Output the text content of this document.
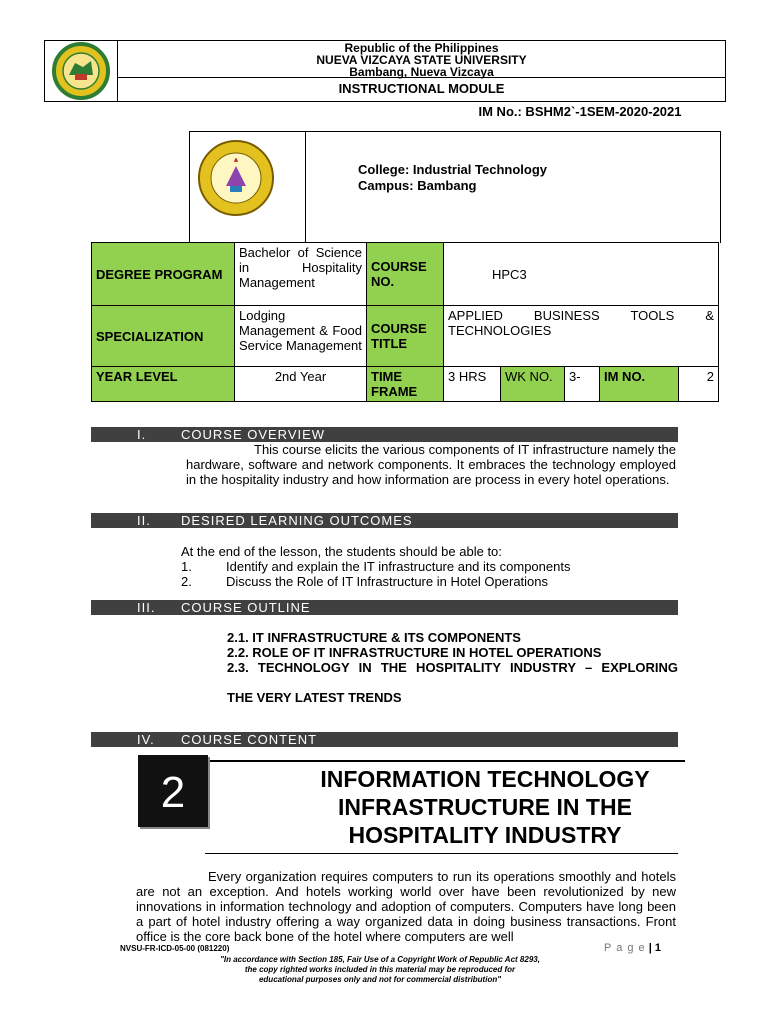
Republic of the Philippines
NUEVA VIZCAYA STATE UNIVERSITY
Bambang, Nueva Vizcaya
INSTRUCTIONAL MODULE
IM No.: BSHM2`-1SEM-2020-2021
College: Industrial Technology
Campus: Bambang
DEGREE PROGRAM	Bachelor of Science in Hospitality Management	COURSE NO.	HPC3				
SPECIALIZATION	Lodging Management & Food Service Management	COURSE TITLE	APPLIED BUSINESS TOOLS & TECHNOLOGIES				
YEAR LEVEL	2nd Year	TIME FRAME	3 HRS	WK NO.	3-	IM NO.	2
I.	COURSE OVERVIEW
This course elicits the various components of IT infrastructure namely the hardware, software and network components. It embraces the technology employed in the hospitality industry and how information are process in every hotel operations.
II. DESIRED LEARNING OUTCOMES
At the end of the lesson, the students should be able to:
1.	Identify and explain the IT infrastructure and its components
2.	Discuss the Role of IT Infrastructure in Hotel Operations
III. COURSE OUTLINE
2.1. IT INFRASTRUCTURE & ITS COMPONENTS
2.2. ROLE OF IT INFRASTRUCTURE IN HOTEL OPERATIONS
2.3. TECHNOLOGY IN THE HOSPITALITY INDUSTRY – EXPLORING
THE VERY LATEST TRENDS
IV. COURSE CONTENT
2	INFORMATION TECHNOLOGY
INFRASTRUCTURE IN THE
HOSPITALITY INDUSTRY
Every organization requires computers to run its operations smoothly and hotels are not an exception. And hotels working world over have been revolutionized by new innovations in information technology and adoption of computers. Computers have long been a part of hotel industry offering a way organized data in doing business transactions. Front office is the core back bone of the hotel where computers are well
NVSU-FR-ICD-05-00 (081220)	P a g e | 1
"In accordance with Section 185, Fair Use of a Copyright Work of Republic Act 8293,
the copy righted works included in this material may be reproduced for
educational purposes only and not for commercial distribution"
